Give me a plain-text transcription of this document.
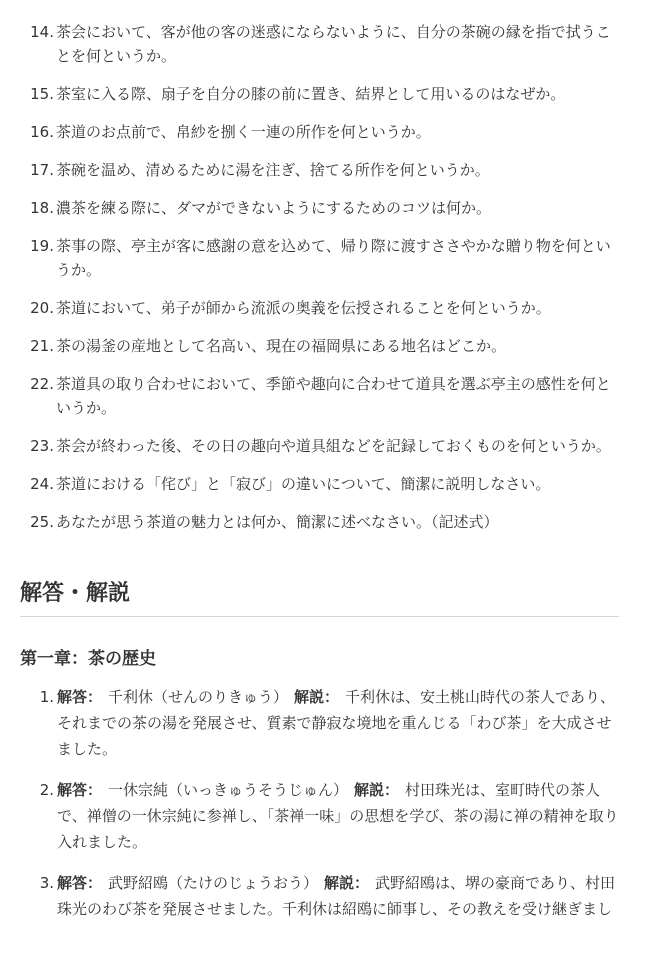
14. 茶会において、客が他の客の迷惑にならないように、自分の茶碗の縁を指で拭うことを何というか。
15. 茶室に入る際、扇子を自分の膝の前に置き、結界として用いるのはなぜか。
16. 茶道のお点前で、帛紗を捌く一連の所作を何というか。
17. 茶碗を温め、清めるために湯を注ぎ、捨てる所作を何というか。
18. 濃茶を練る際に、ダマができないようにするためのコツは何か。
19. 茶事の際、亭主が客に感謝の意を込めて、帰り際に渡すささやかな贈り物を何というか。
20. 茶道において、弟子が師から流派の奥義を伝授されることを何というか。
21. 茶の湯釜の産地として名高い、現在の福岡県にある地名はどこか。
22. 茶道具の取り合わせにおいて、季節や趣向に合わせて道具を選ぶ亭主の感性を何というか。
23. 茶会が終わった後、その日の趣向や道具組などを記録しておくものを何というか。
24. 茶道における「侘び」と「寂び」の違いについて、簡潔に説明しなさい。
25. あなたが思う茶道の魅力とは何か、簡潔に述べなさい。（記述式）
解答・解説
第一章：茶の歴史
1. 解答： 千利休（せんのりきゅう） 解説： 千利休は、安土桃山時代の茶人であり、それまでの茶の湯を発展させ、質素で静寂な境地を重んじる「わび茶」を大成させました。
2. 解答： 一休宗純（いっきゅうそうじゅん） 解説： 村田珠光は、室町時代の茶人で、禅僧の一休宗純に参禅し、「茶禅一味」の思想を学び、茶の湯に禅の精神を取り入れました。
3. 解答： 武野紹鴎（たけのじょうおう） 解説： 武野紹鴎は、堺の豪商であり、村田珠光のわび茶を発展させました。千利休は紹鴎に師事し、その教えを受け継ぎまし
